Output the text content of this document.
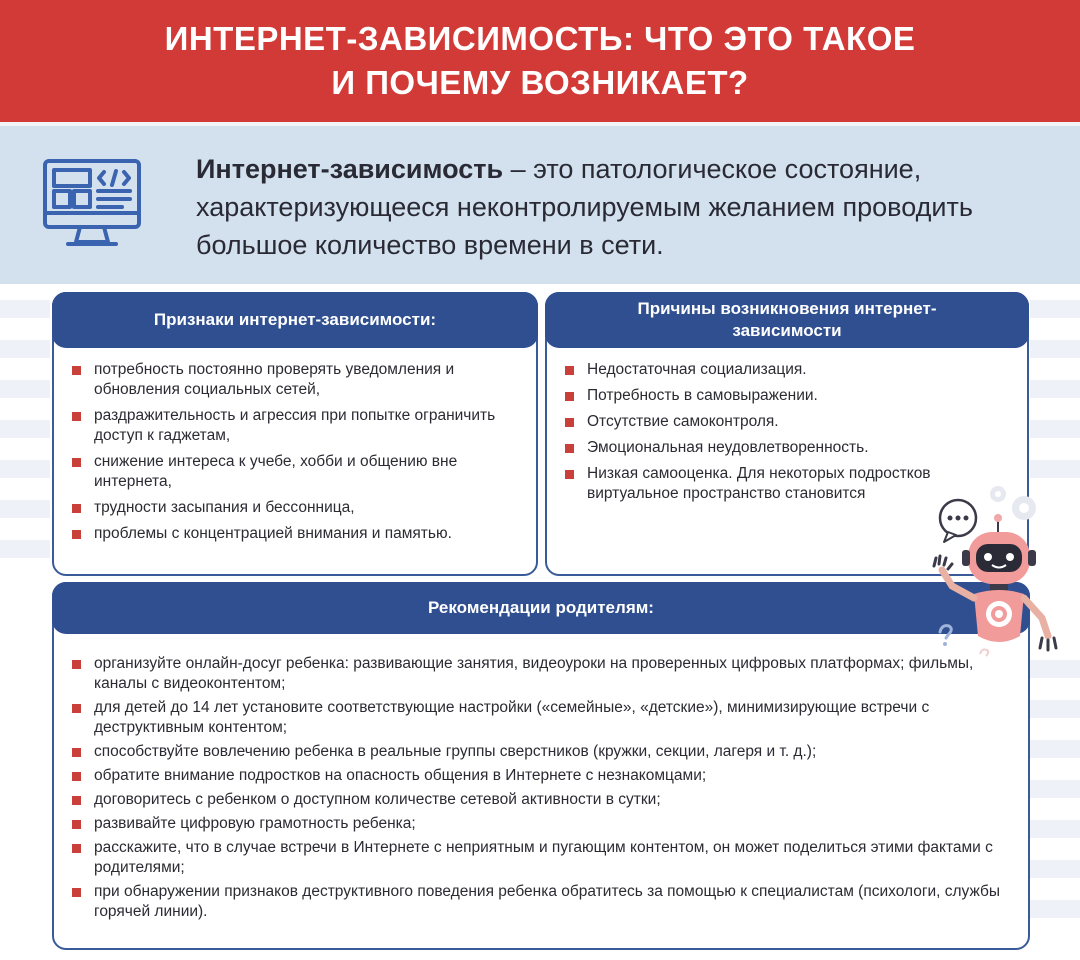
ИНТЕРНЕТ-ЗАВИСИМОСТЬ: ЧТО ЭТО ТАКОЕ
И ПОЧЕМУ ВОЗНИКАЕТ?
Интернет-зависимость – это патологическое состояние, характеризующееся неконтролируемым желанием проводить большое количество времени в сети.
Признаки интернет-зависимости:
потребность постоянно проверять уведомления и обновления социальных сетей,
раздражительность и агрессия при попытке ограничить доступ к гаджетам,
снижение интереса к учебе, хобби и общению вне интернета,
трудности засыпания и бессонница,
проблемы с концентрацией внимания и памятью.
Причины возникновения интернет-зависимости
Недостаточная социализация.
Потребность в самовыражении.
Отсутствие самоконтроля.
Эмоциональная неудовлетворенность.
Низкая самооценка. Для некоторых подростков виртуальное пространство становится
Рекомендации родителям:
организуйте онлайн-досуг ребенка: развивающие занятия, видеоуроки на проверенных цифровых платформах; фильмы, каналы с видеоконтентом;
для детей до 14 лет установите соответствующие настройки («семейные», «детские»), минимизирующие встречи с деструктивным контентом;
способствуйте вовлечению ребенка в реальные группы сверстников (кружки, секции, лагеря и т. д.);
обратите внимание подростков на опасность общения в Интернете с незнакомцами;
договоритесь с ребенком о доступном количестве сетевой активности в сутки;
развивайте цифровую грамотность ребенка;
расскажите, что в случае встречи в Интернете с неприятным и пугающим контентом, он может поделиться этими фактами с родителями;
при обнаружении признаков деструктивного поведения ребенка обратитесь за помощью к специалистам (психологи, службы горячей линии).
